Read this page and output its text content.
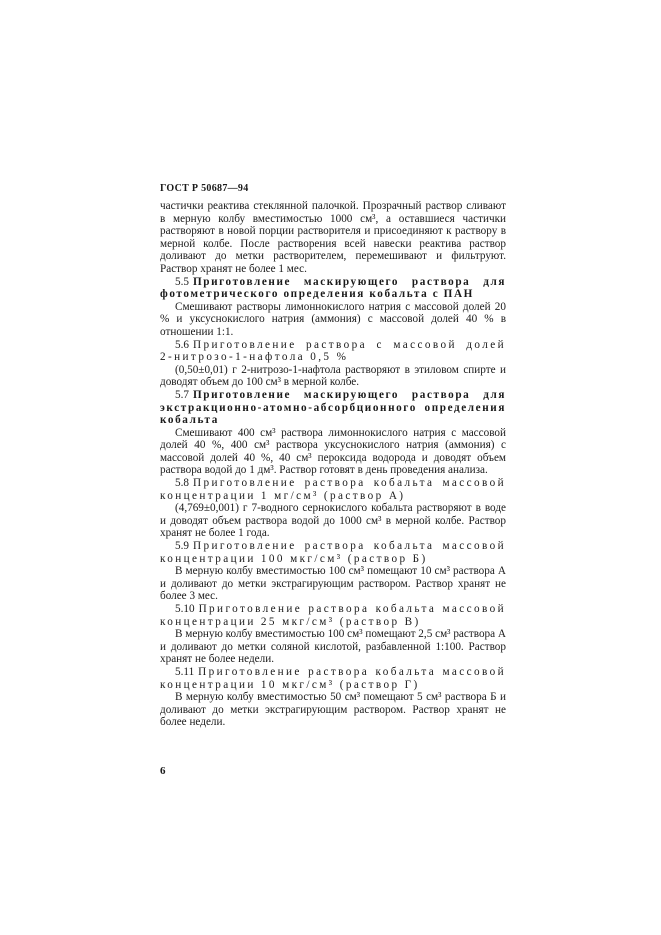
ГОСТ Р 50687—94

частички реактива стеклянной палочкой. Прозрачный раствор сливают в мерную колбу вместимостью 1000 см³, а оставшиеся частички растворяют в новой порции растворителя и присоединяют к раствору в мерной колбе. После растворения всей навески реактива раствор доливают до метки растворителем, перемешивают и фильтруют. Раствор хранят не более 1 мес.

5.5 Приготовление маскирующего раствора для фотометрического определения кобальта с ПАН

Смешивают растворы лимоннокислого натрия с массовой долей 20 % и уксуснокислого натрия (аммония) с массовой долей 40 % в отношении 1:1.

5.6 Приготовление раствора с массовой долей 2-нитрозо-1-нафтола 0,5 %

(0,50±0,01) г 2-нитрозо-1-нафтола растворяют в этиловом спирте и доводят объем до 100 см³ в мерной колбе.

5.7 Приготовление маскирующего раствора для экстракционно-атомно-абсорбционного определения кобальта

Смешивают 400 см³ раствора лимоннокислого натрия с массовой долей 40 %, 400 см³ раствора уксуснокислого натрия (аммония) с массовой долей 40 %, 40 см³ пероксида водорода и доводят объем раствора водой до 1 дм³. Раствор готовят в день проведения анализа.

5.8 Приготовление раствора кобальта массовой концентрации 1 мг/см³ (раствор А)

(4,769±0,001) г 7-водного сернокислого кобальта растворяют в воде и доводят объем раствора водой до 1000 см³ в мерной колбе. Раствор хранят не более 1 года.

5.9 Приготовление раствора кобальта массовой концентрации 100 мкг/см³ (раствор Б)

В мерную колбу вместимостью 100 см³ помещают 10 см³ раствора А и доливают до метки экстрагирующим раствором. Раствор хранят не более 3 мес.

5.10 Приготовление раствора кобальта массовой концентрации 25 мкг/см³ (раствор В)

В мерную колбу вместимостью 100 см³ помещают 2,5 см³ раствора А и доливают до метки соляной кислотой, разбавленной 1:100. Раствор хранят не более недели.

5.11 Приготовление раствора кобальта массовой концентрации 10 мкг/см³ (раствор Г)

В мерную колбу вместимостью 50 см³ помещают 5 см³ раствора Б и доливают до метки экстрагирующим раствором. Раствор хранят не более недели.

6
